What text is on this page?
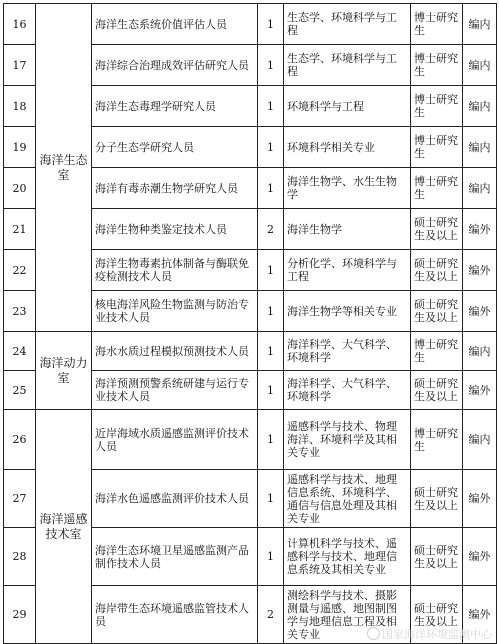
16	海洋生态室	海洋生态系统价值评估人员	1	生态学、环境科学与工程	博士研究生	编内
17		海洋综合治理成效评估研究人员	1	生态学、环境科学与工程	博士研究生	编内
18		海洋生态毒理学研究人员	1	环境科学与工程	博士研究生	编内
19		分子生态学研究人员	1	环境科学相关专业	博士研究生	编内
20		海洋有毒赤潮生物学研究人员	1	海洋生物学、水生生物学	博士研究生	编内
21		海洋生物种类鉴定技术人员	2	海洋生物学	硕士研究生及以上	编外
22		海洋生物毒素抗体制备与酶联免疫检测技术人员	1	分析化学、环境科学与工程	硕士研究生及以上	编外
23		核电海洋风险生物监测与防治专业技术人员	1	海洋生物学等相关专业	硕士研究生及以上	编外
24	海洋动力室	海水水质过程模拟预测技术人员	1	海洋科学、大气科学、环境科学	博士研究生	编内
25		海洋预测预警系统研建与运行专业技术人员	1	海洋科学、大气科学、环境科学	硕士研究生及以上	编外
26	海洋遥感技术室	近岸海域水质遥感监测评价技术人员	1	遥感科学与技术、物理海洋、环境科学及其相关专业	博士研究生	编内
27		海洋水色遥感监测评价技术人员	1	遥感科学与技术、地理信息系统、环境科学、通信与信息处理及其相关专业	硕士研究生及以上	编外
28		海洋生态环境卫星遥感监测产品制作技术人员	1	计算机科学与技术、遥感科学与技术、地理信息系统及其相关专业	硕士研究生及以上	编外
29		海岸带生态环境遥感监管技术人员	2	测绘科学与技术、摄影测量与遥感、地图制图学与地理信息工程及相关专业	硕士研究生及以上	编外
国家海洋环境监测中心
